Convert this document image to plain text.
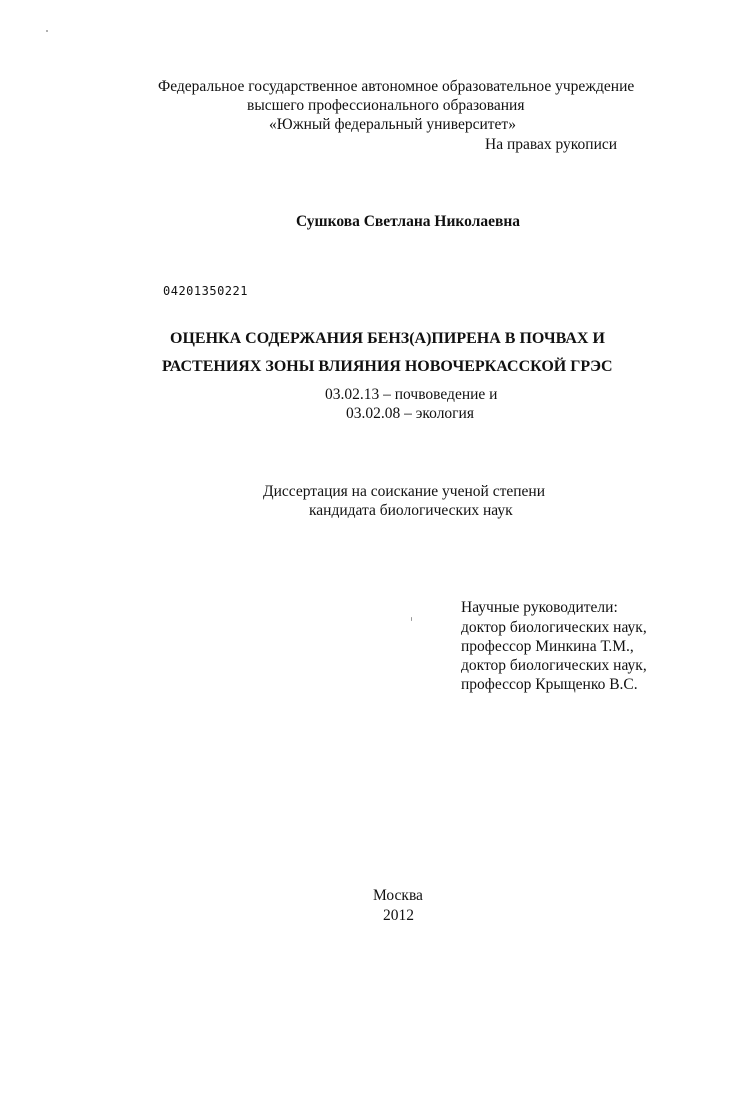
Федеральное государственное автономное образовательное учреждение
высшего профессионального образования
«Южный федеральный университет»
На правах рукописи
Сушкова Светлана Николаевна
04201350221
ОЦЕНКА СОДЕРЖАНИЯ БЕНЗ(А)ПИРЕНА В ПОЧВАХ И
РАСТЕНИЯХ ЗОНЫ ВЛИЯНИЯ НОВОЧЕРКАССКОЙ ГРЭС
03.02.13 – почвоведение и
03.02.08 – экология
Диссертация на соискание ученой степени
кандидата биологических наук
Научные руководители:
доктор биологических наук,
профессор Минкина Т.М.,
доктор биологических наук,
профессор Крыщенко В.С.
Москва
2012
